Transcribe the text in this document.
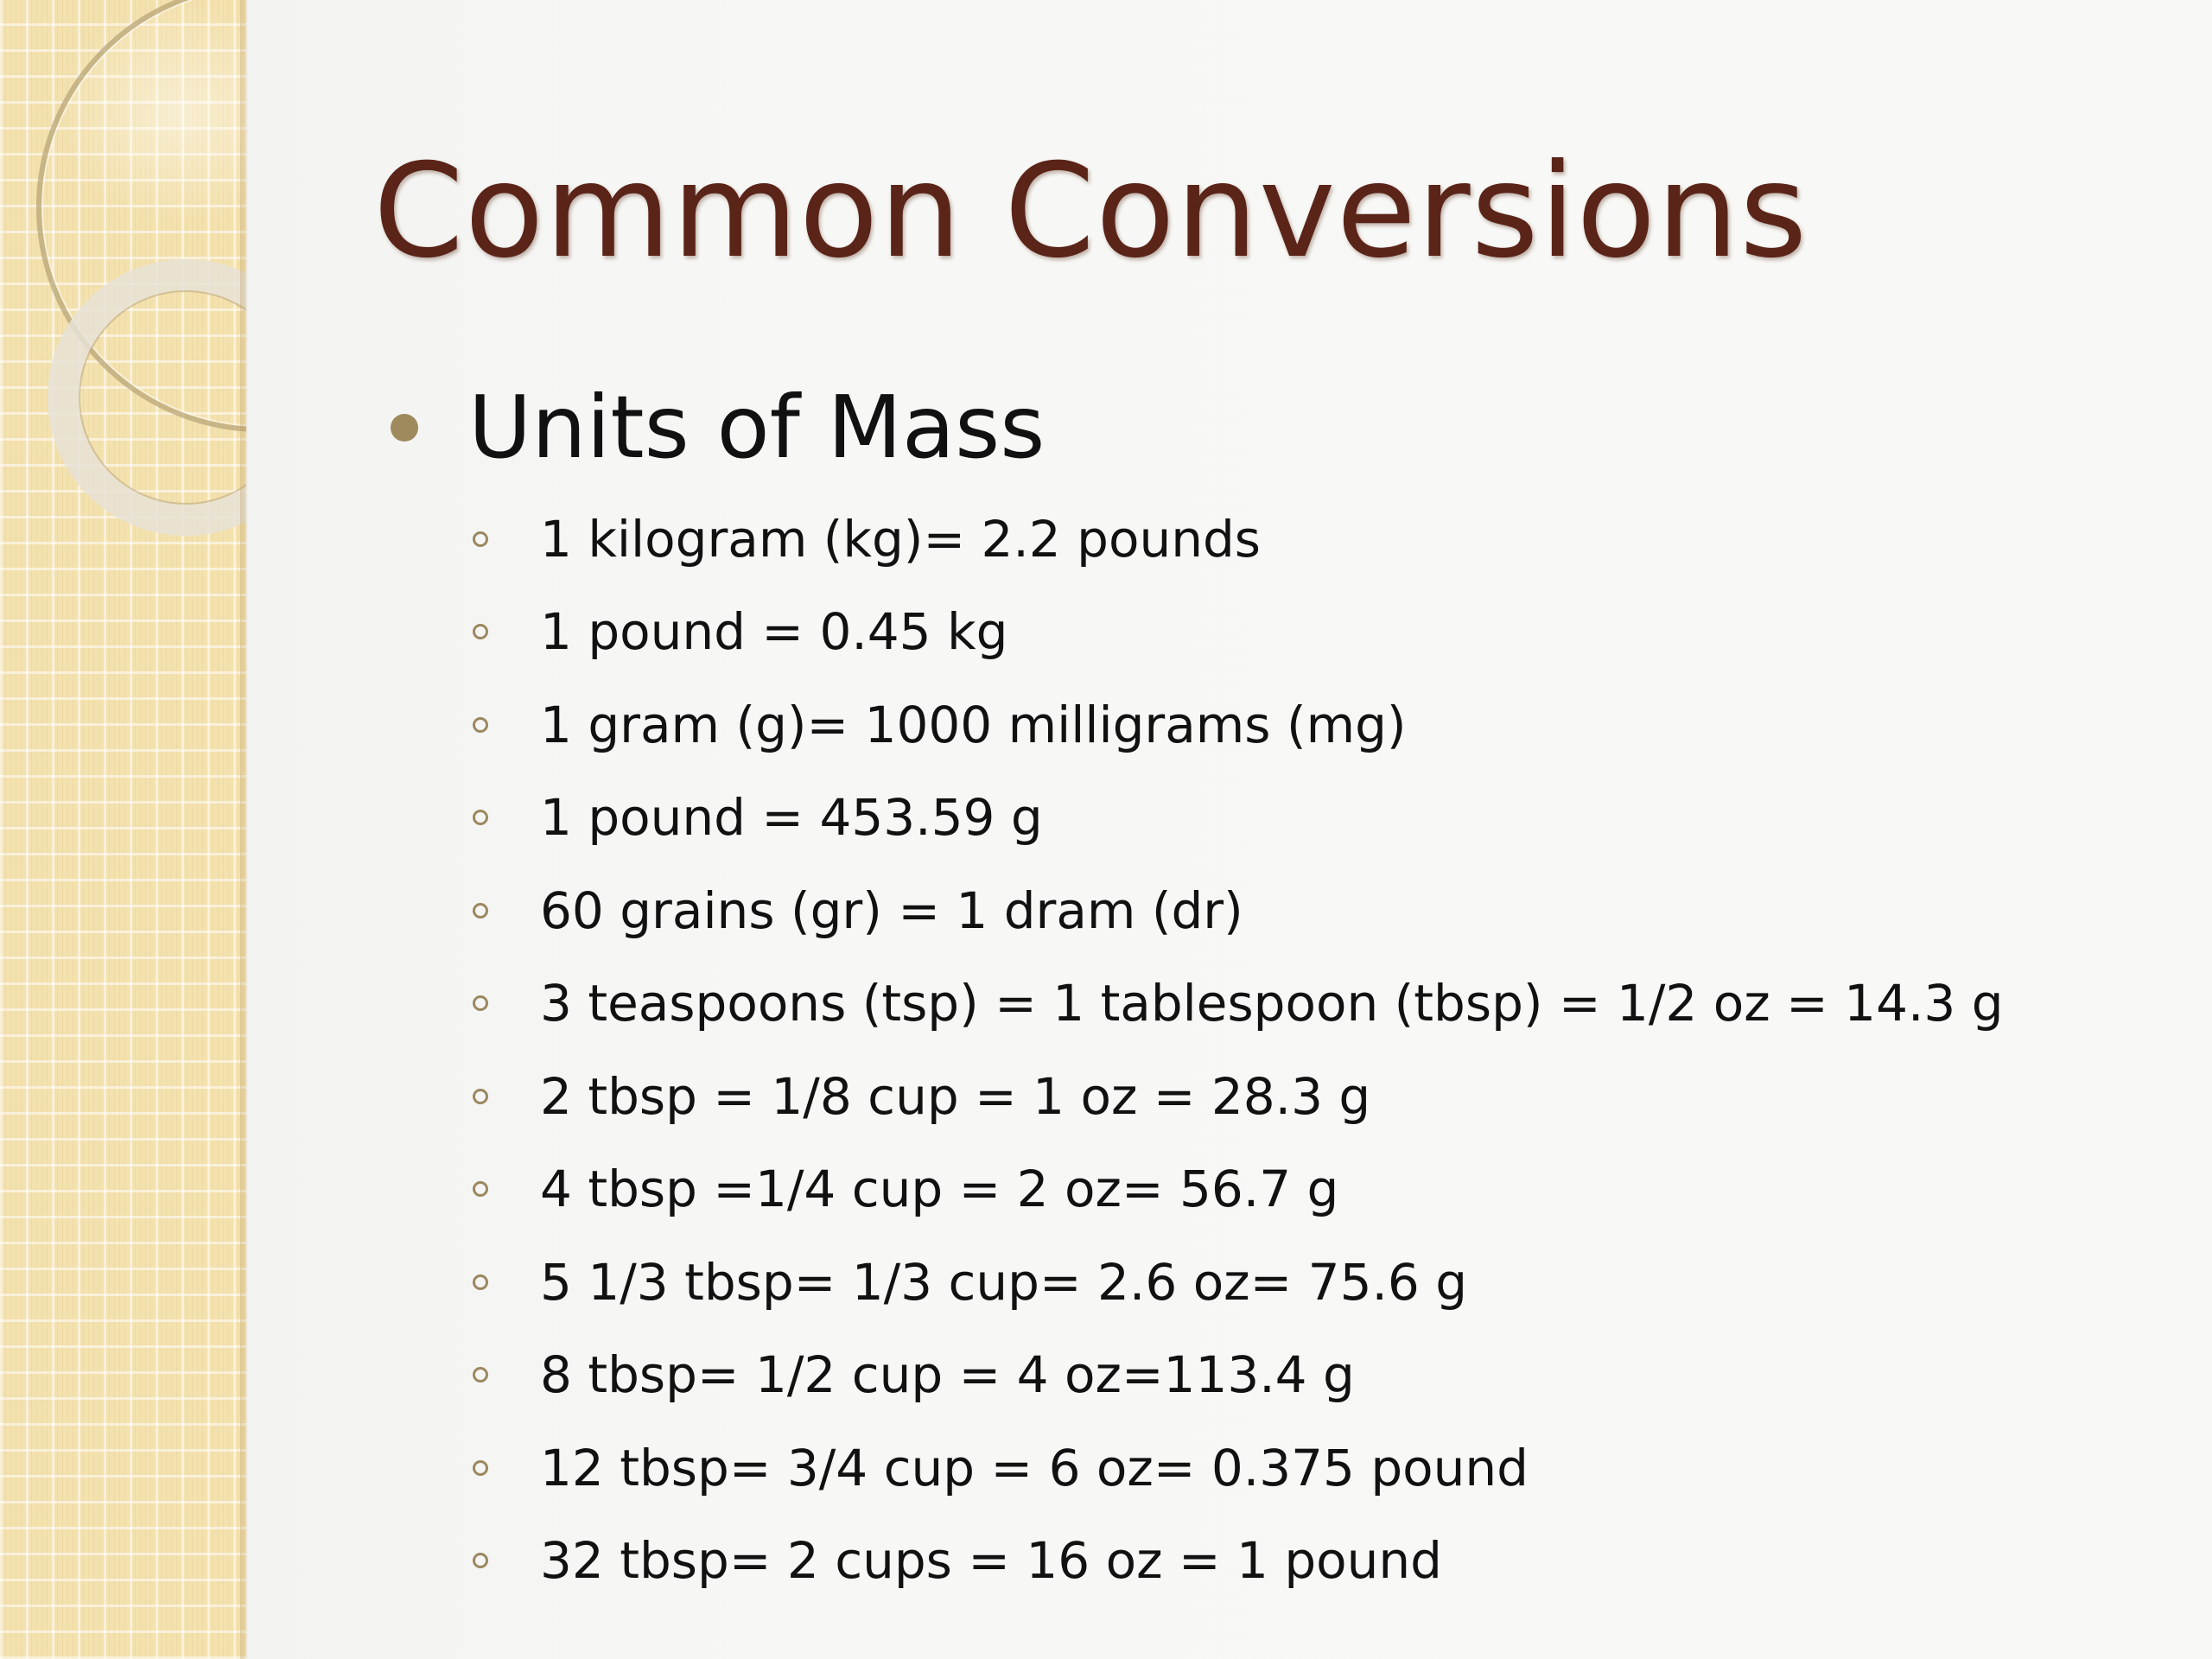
Common Conversions
Units of Mass
1 kilogram (kg)= 2.2 pounds
1 pound = 0.45 kg
1 gram (g)= 1000 milligrams (mg)
1 pound = 453.59 g
60 grains (gr) = 1 dram (dr)
3 teaspoons (tsp) = 1 tablespoon (tbsp) = 1/2 oz = 14.3 g
2 tbsp = 1/8 cup = 1 oz = 28.3 g
4 tbsp =1/4 cup = 2 oz= 56.7 g
5 1/3 tbsp= 1/3 cup= 2.6 oz= 75.6 g
8 tbsp= 1/2 cup = 4 oz=113.4 g
12 tbsp= 3/4 cup = 6 oz= 0.375 pound
32 tbsp= 2 cups = 16 oz = 1 pound
